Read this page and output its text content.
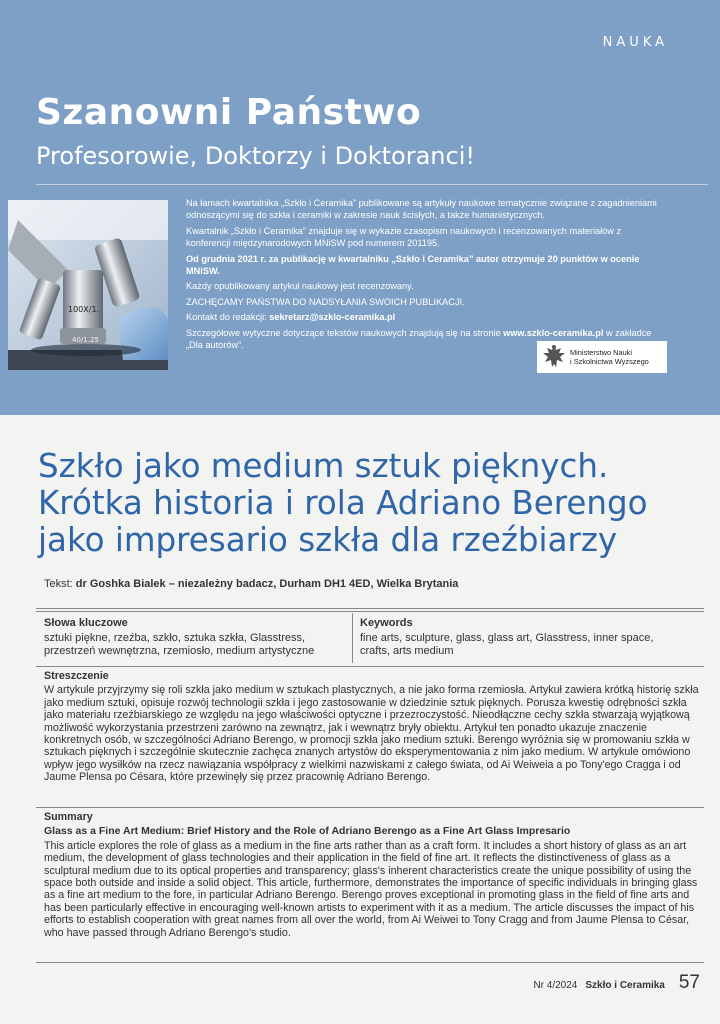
NAUKA
Szanowni Państwo
Profesorowie, Doktorzy i Doktoranci!
100X/1.
40/1.25

Na łamach kwartalnika „Szkło i Ceramika” publikowane są artykuły naukowe tematycznie związane z zagadnieniami odnoszącymi się do szkła i ceramiki w zakresie nauk ścisłych, a także humanistycznych.

Kwartalnik „Szkło i Ceramika” znajduje się w wykazie czasopism naukowych i recenzowanych materiałów z konferencji międzynarodowych MNiSW pod numerem 201195.

Od grudnia 2021 r. za publikację w kwartalniku „Szkło i Ceramika” autor otrzymuje 20 punktów w ocenie MNiSW.

Każdy opublikowany artykuł naukowy jest recenzowany.

ZACHĘCAMY PAŃSTWA DO NADSYŁANIA SWOICH PUBLIKACJI.

Kontakt do redakcji: sekretarz@szklo-ceramika.pl

Szczegółowe wytyczne dotyczące tekstów naukowych znajdują się na stronie www.szklo-ceramika.pl w zakładce „Dla autorów”.

Ministerstwo Nauki
i Szkolnictwa Wyższego
Szkło jako medium sztuk pięknych.
Krótka historia i rola Adriano Berengo
jako impresario szkła dla rzeźbiarzy
Tekst: dr Goshka Bialek – niezależny badacz, Durham DH1 4ED, Wielka Brytania
Słowa kluczowe
sztuki piękne, rzeźba, szkło, sztuka szkła, Glasstress, przestrzeń wewnętrzna, rzemiosło, medium artystyczne
Keywords
fine arts, sculpture, glass, glass art, Glasstress, inner space, crafts, arts medium
Streszczenie

W artykule przyjrzymy się roli szkła jako medium w sztukach plastycznych, a nie jako forma rzemiosła. Artykuł zawiera krótką historię szkła jako medium sztuki, opisuje rozwój technologii szkła i jego zastosowanie w dziedzinie sztuk pięknych. Porusza kwestię odrębności szkła jako materiału rzeźbiarskiego ze względu na jego właściwości optyczne i przezroczystość. Nieodłączne cechy szkła stwarzają wyjątkową możliwość wykorzystania przestrzeni zarówno na zewnątrz, jak i wewnątrz bryły obiektu. Artykuł ten ponadto ukazuje znaczenie konkretnych osób, w szczególności Adriano Berengo, w promocji szkła jako medium sztuki. Berengo wyróżnia się w promowaniu szkła w sztukach pięknych i szczególnie skutecznie zachęca znanych artystów do eksperymentowania z nim jako medium. W artykule omówiono wpływ jego wysiłków na rzecz nawiązania współpracy z wielkimi nazwiskami z całego świata, od Ai Weiweia a po Tony'ego Cragga i od Jaume Plensa po Césara, które przewinęły się przez pracownię Adriano Berengo.

Summary
Glass as a Fine Art Medium: Brief History and the Role of Adriano Berengo as a Fine Art Glass Impresario

This article explores the role of glass as a medium in the fine arts rather than as a craft form. It includes a short history of glass as an art medium, the development of glass technologies and their application in the field of fine art. It reflects the distinctiveness of glass as a sculptural medium due to its optical properties and transparency; glass's inherent characteristics create the unique possibility of using the space both outside and inside a solid object. This article, furthermore, demonstrates the importance of specific individuals in bringing glass as a fine art medium to the fore, in particular Adriano Berengo. Berengo proves exceptional in promoting glass in the field of fine arts and has been particularly effective in encouraging well-known artists to experiment with it as a medium. The article discusses the impact of his efforts to establish cooperation with great names from all over the world, from Ai Weiwei to Tony Cragg and from Jaume Plensa to César, who have passed through Adriano Berengo's studio.

Nr 4/2024 Szkło i Ceramika 57
